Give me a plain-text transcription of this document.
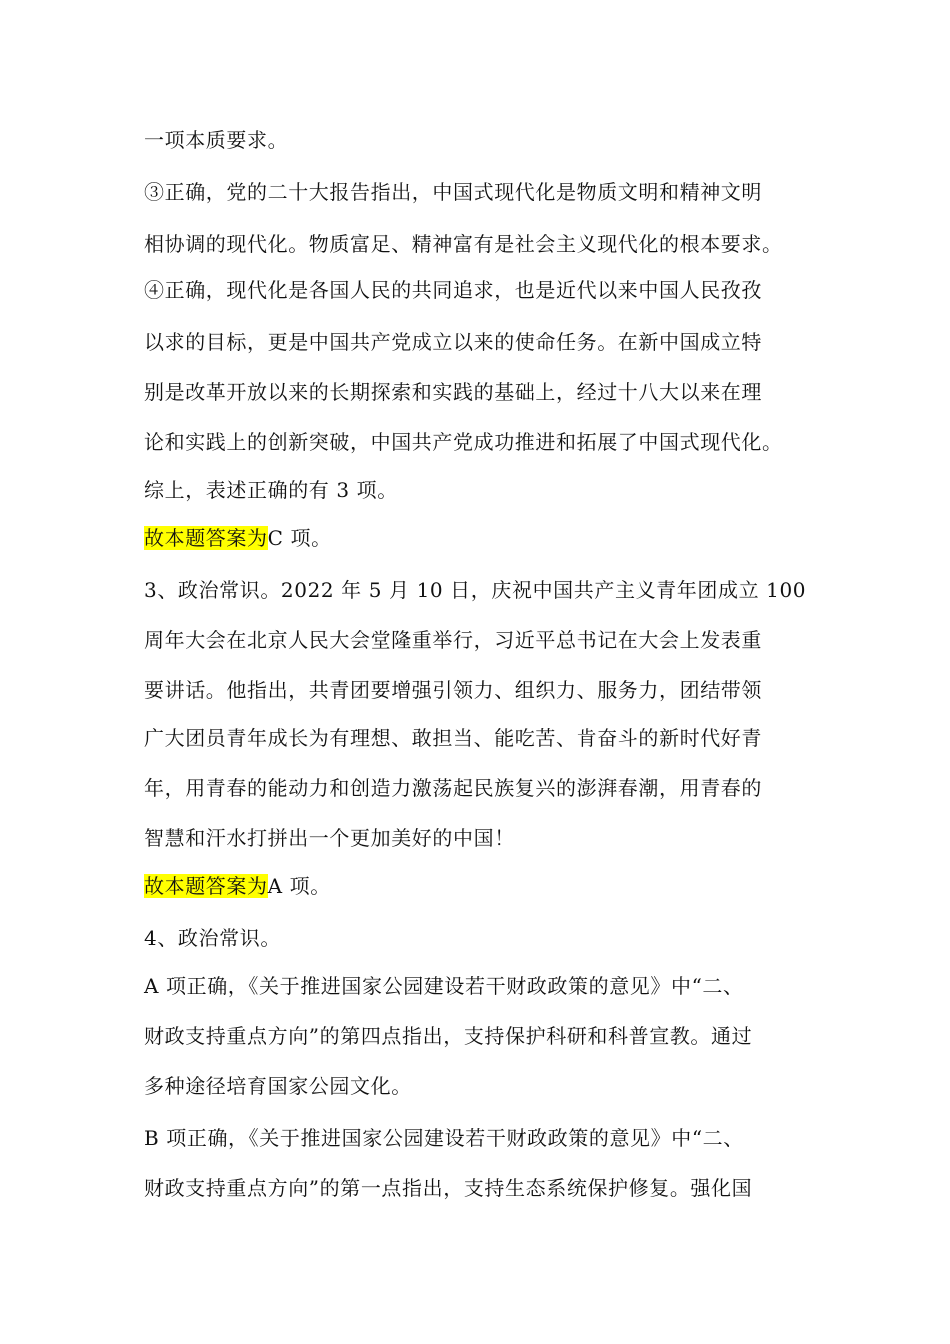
一项本质要求。
③正确，党的二十大报告指出，中国式现代化是物质文明和精神文明
相协调的现代化。物质富足、精神富有是社会主义现代化的根本要求。
④正确，现代化是各国人民的共同追求，也是近代以来中国人民孜孜
以求的目标，更是中国共产党成立以来的使命任务。在新中国成立特
别是改革开放以来的长期探索和实践的基础上，经过十八大以来在理
论和实践上的创新突破，中国共产党成功推进和拓展了中国式现代化。
综上，表述正确的有 3 项。
故本题答案为C 项。
3、政治常识。2022 年 5 月 10 日，庆祝中国共产主义青年团成立 100
周年大会在北京人民大会堂隆重举行，习近平总书记在大会上发表重
要讲话。他指出，共青团要增强引领力、组织力、服务力，团结带领
广大团员青年成长为有理想、敢担当、能吃苦、肯奋斗的新时代好青
年，用青春的能动力和创造力激荡起民族复兴的澎湃春潮，用青春的
智慧和汗水打拼出一个更加美好的中国！
故本题答案为A 项。
4、政治常识。
A 项正确，《关于推进国家公园建设若干财政政策的意见》中“二、
财政支持重点方向”的第四点指出，支持保护科研和科普宣教。通过
多种途径培育国家公园文化。
B 项正确，《关于推进国家公园建设若干财政政策的意见》中“二、
财政支持重点方向”的第一点指出，支持生态系统保护修复。强化国
